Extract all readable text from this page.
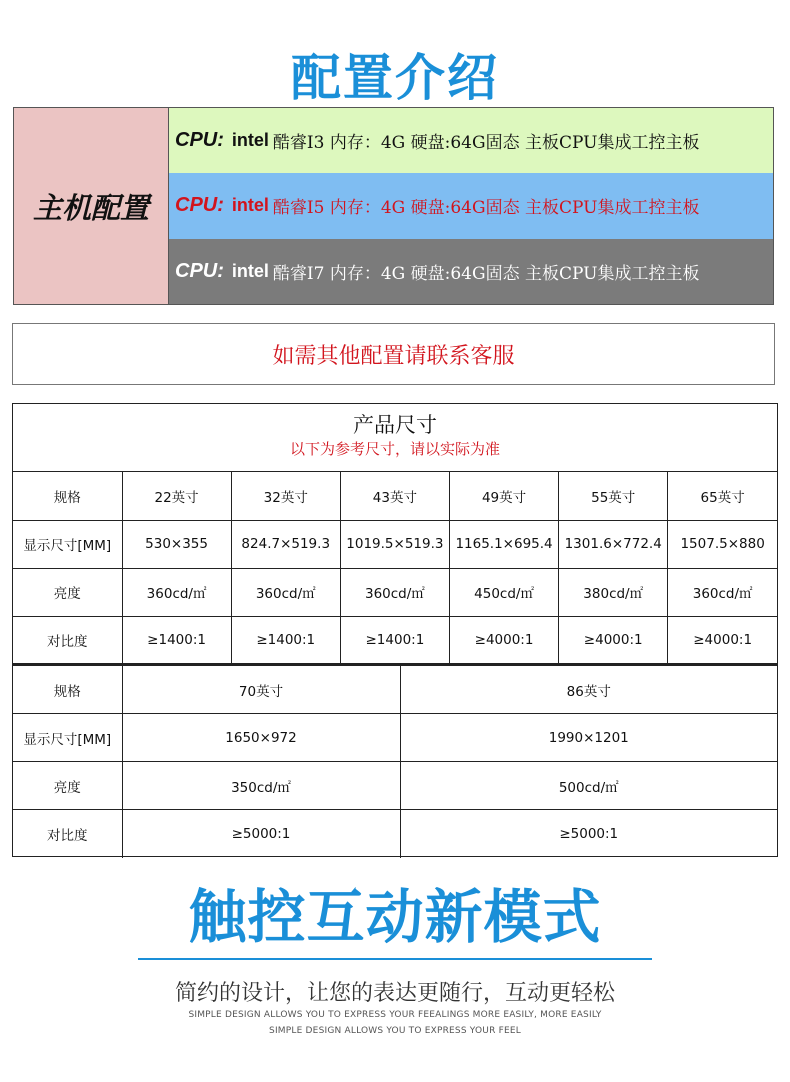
配置介绍
主机配置
CPU: intel 酷睿I3 内存：4G 硬盘:64G固态 主板CPU集成工控主板
CPU: intel 酷睿I5 内存：4G 硬盘:64G固态 主板CPU集成工控主板
CPU: intel 酷睿I7 内存：4G 硬盘:64G固态 主板CPU集成工控主板
如需其他配置请联系客服
产品尺寸
以下为参考尺寸，请以实际为准
规格	22英寸	32英寸	43英寸	49英寸	55英寸	65英寸
显示尺寸[MM]	530×355	824.7×519.3	1019.5×519.3	1165.1×695.4	1301.6×772.4	1507.5×880
亮度	360cd/㎡	360cd/㎡	360cd/㎡	450cd/㎡	380cd/㎡	360cd/㎡
对比度	≥1400:1	≥1400:1	≥1400:1	≥4000:1	≥4000:1	≥4000:1
规格	70英寸	86英寸
显示尺寸[MM]	1650×972	1990×1201
亮度	350cd/㎡	500cd/㎡
对比度	≥5000:1	≥5000:1
触控互动新模式
简约的设计，让您的表达更随行，互动更轻松
SIMPLE DESIGN ALLOWS YOU TO EXPRESS YOUR FEEALINGS MORE EASILY, MORE EASILY
SIMPLE DESIGN ALLOWS YOU TO EXPRESS YOUR FEEL
